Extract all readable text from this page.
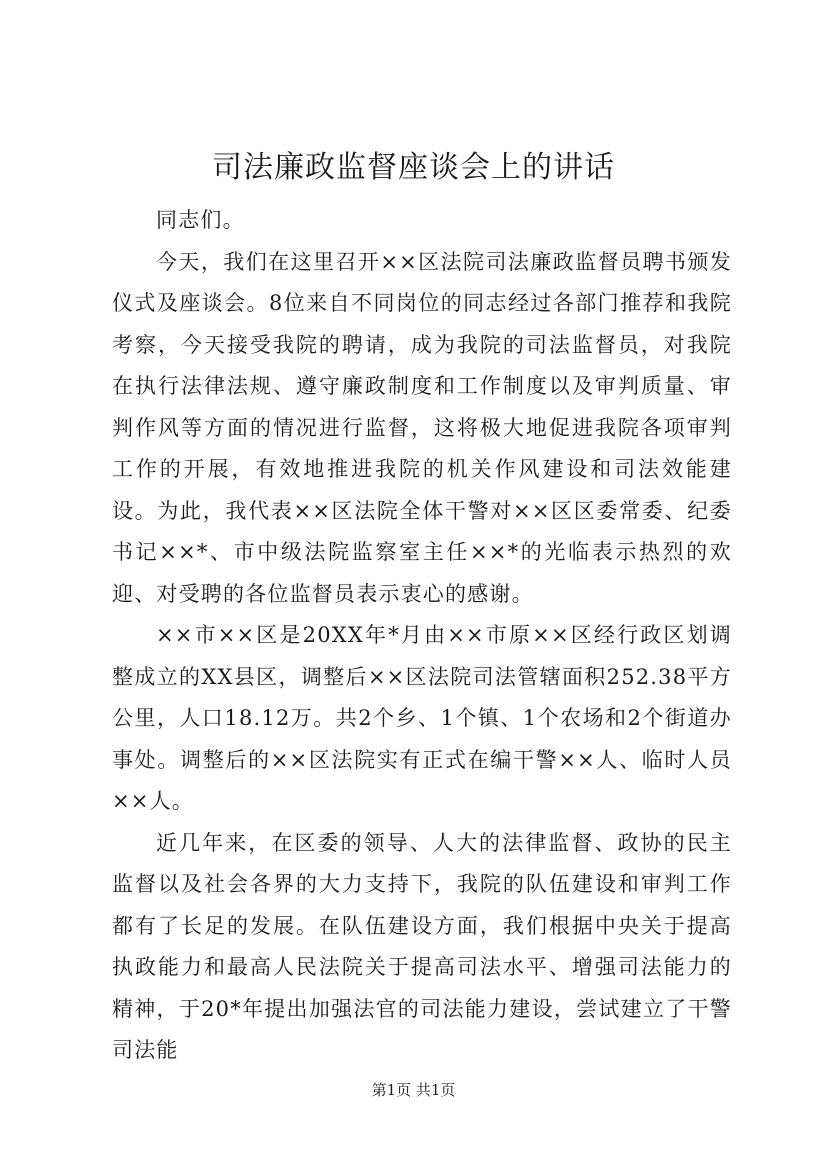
司法廉政监督座谈会上的讲话

同志们。

今天，我们在这里召开××区法院司法廉政监督员聘书颁发仪式及座谈会。8位来自不同岗位的同志经过各部门推荐和我院考察，今天接受我院的聘请，成为我院的司法监督员，对我院在执行法律法规、遵守廉政制度和工作制度以及审判质量、审判作风等方面的情况进行监督，这将极大地促进我院各项审判工作的开展，有效地推进我院的机关作风建设和司法效能建设。为此，我代表××区法院全体干警对××区区委常委、纪委书记××*、市中级法院监察室主任××*的光临表示热烈的欢迎、对受聘的各位监督员表示衷心的感谢。

××市××区是20XX年*月由××市原××区经行政区划调整成立的XX县区，调整后××区法院司法管辖面积252.38平方公里，人口18.12万。共2个乡、1个镇、1个农场和2个街道办事处。调整后的××区法院实有正式在编干警××人、临时人员××人。

近几年来，在区委的领导、人大的法律监督、政协的民主监督以及社会各界的大力支持下，我院的队伍建设和审判工作都有了长足的发展。在队伍建设方面，我们根据中央关于提高执政能力和最高人民法院关于提高司法水平、增强司法能力的精神，于20*年提出加强法官的司法能力建设，尝试建立了干警司法能

第1页 共1页
